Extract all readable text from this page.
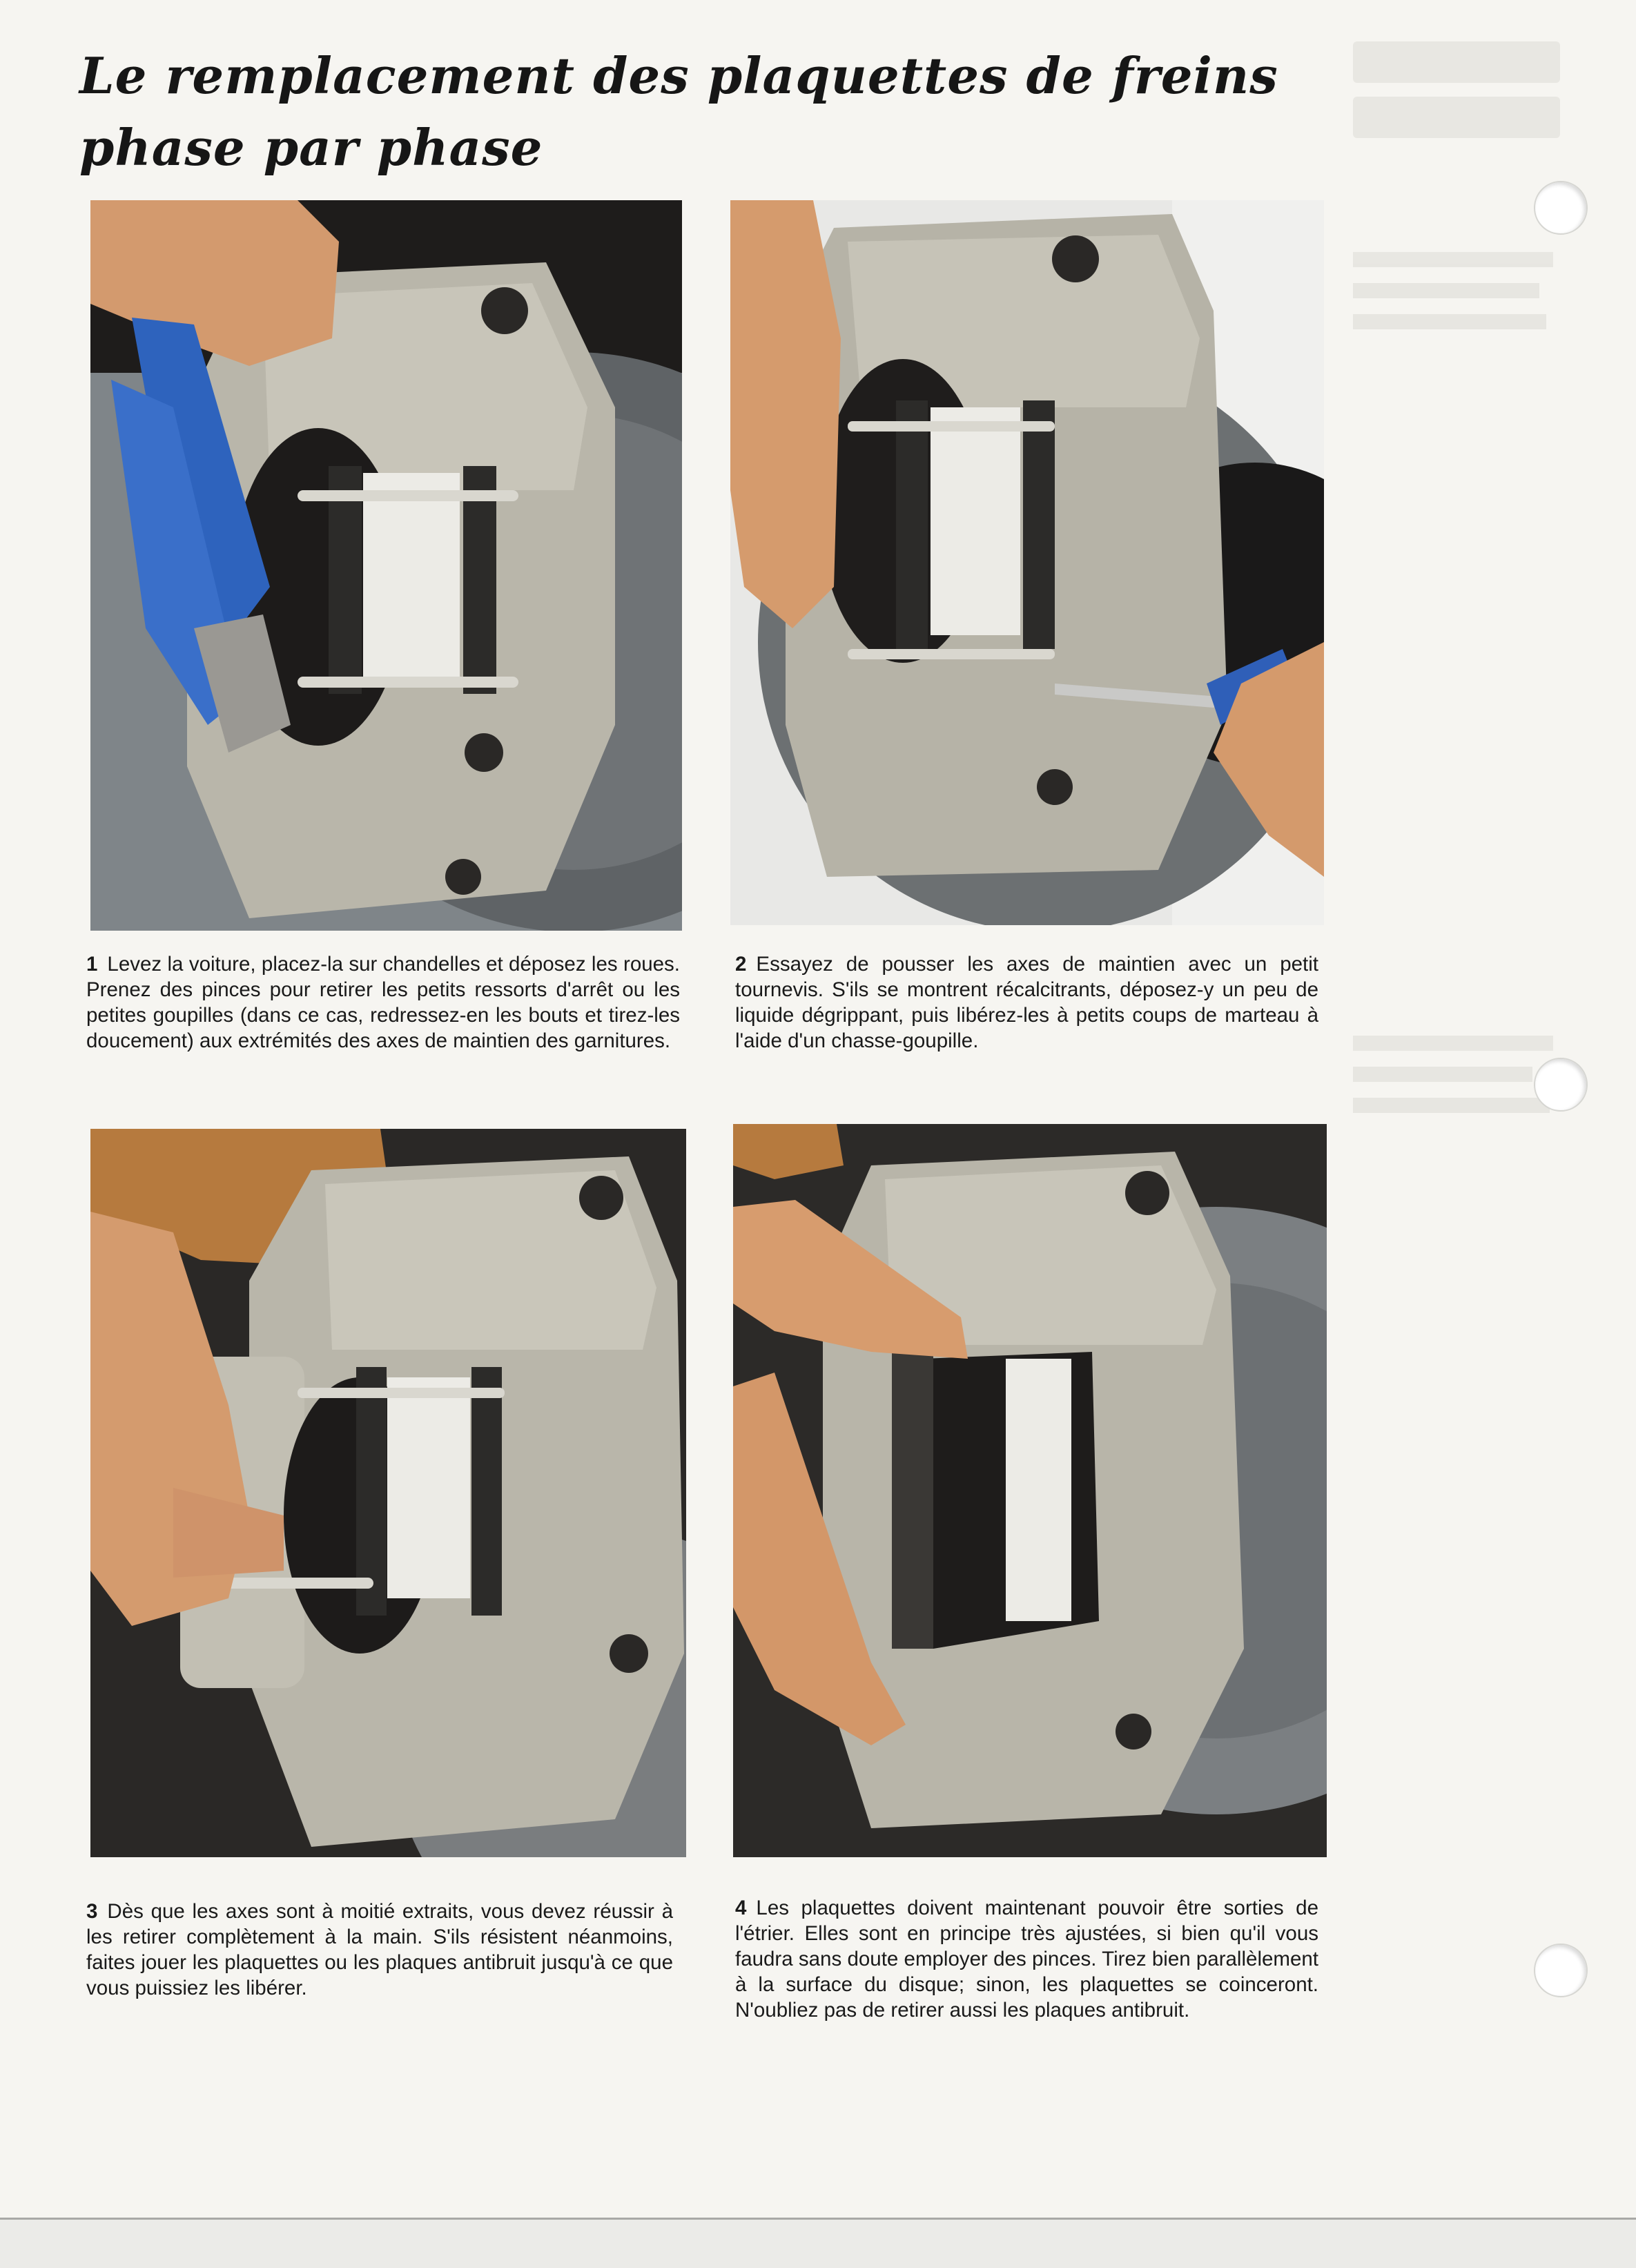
Le remplacement des plaquettes de freins
phase par phase

1 Levez la voiture, placez-la sur chandelles et déposez les roues. Prenez des pinces pour retirer les petits ressorts d'arrêt ou les petites goupilles (dans ce cas, redressez-en les bouts et tirez-les doucement) aux extrémités des axes de maintien des garnitures.

2 Essayez de pousser les axes de maintien avec un petit tournevis. S'ils se montrent récalcitrants, déposez-y un peu de liquide dégrippant, puis libérez-les à petits coups de marteau à l'aide d'un chasse-goupille.

3 Dès que les axes sont à moitié extraits, vous devez réussir à les retirer complètement à la main. S'ils résistent néanmoins, faites jouer les plaquettes ou les plaques antibruit jusqu'à ce que vous puissiez les libérer.

4 Les plaquettes doivent maintenant pouvoir être sorties de l'étrier. Elles sont en principe très ajustées, si bien qu'il vous faudra sans doute employer des pinces. Tirez bien parallèlement à la surface du disque; sinon, les plaquettes se coinceront. N'oubliez pas de retirer aussi les plaques antibruit.
